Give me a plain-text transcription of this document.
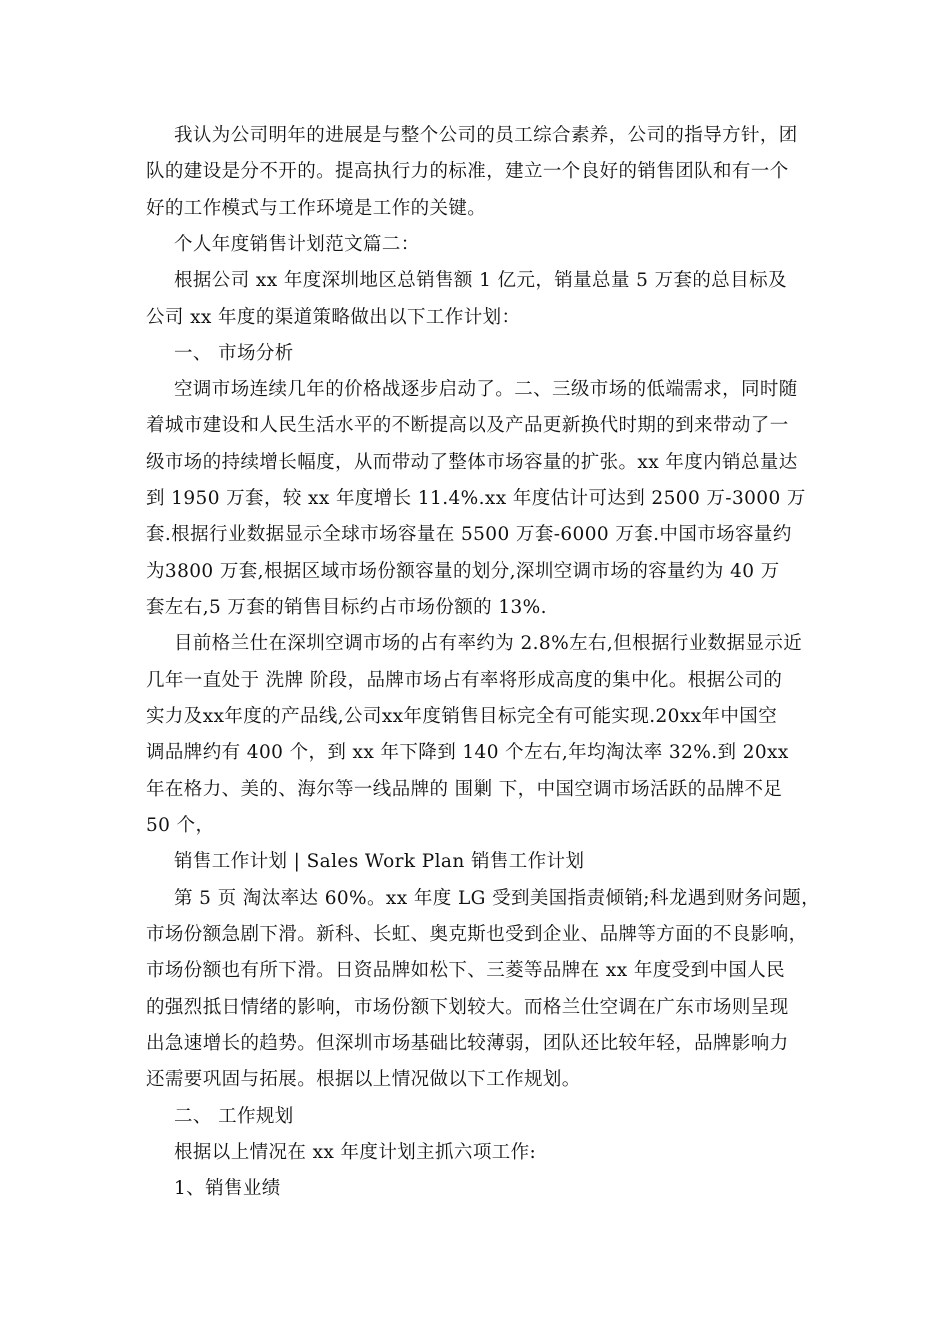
我认为公司明年的进展是与整个公司的员工综合素养，公司的指导方针，团
队的建设是分不开的。提高执行力的标准，建立一个良好的销售团队和有一个
好的工作模式与工作环境是工作的关键。
个人年度销售计划范文篇二：
根据公司 xx 年度深圳地区总销售额 1 亿元，销量总量 5 万套的总目标及
公司 xx 年度的渠道策略做出以下工作计划：
一、 市场分析
空调市场连续几年的价格战逐步启动了。二、三级市场的低端需求，同时随
着城市建设和人民生活水平的不断提高以及产品更新换代时期的到来带动了一
级市场的持续增长幅度，从而带动了整体市场容量的扩张。xx 年度内销总量达
到 1950 万套，较 xx 年度增长 11.4%.xx 年度估计可达到 2500 万-3000 万
套.根据行业数据显示全球市场容量在 5500 万套-6000 万套.中国市场容量约
为3800 万套,根据区域市场份额容量的划分,深圳空调市场的容量约为 40 万
套左右,5 万套的销售目标约占市场份额的 13%.
目前格兰仕在深圳空调市场的占有率约为 2.8%左右,但根据行业数据显示近
几年一直处于 洗牌 阶段，品牌市场占有率将形成高度的集中化。根据公司的
实力及xx年度的产品线,公司xx年度销售目标完全有可能实现.20xx年中国空
调品牌约有 400 个，到 xx 年下降到 140 个左右,年均淘汰率 32%.到 20xx
年在格力、美的、海尔等一线品牌的 围剿 下，中国空调市场活跃的品牌不足
50 个，
销售工作计划 | Sales Work Plan 销售工作计划
第 5 页 淘汰率达 60%。xx 年度 LG 受到美国指责倾销;科龙遇到财务问题，
市场份额急剧下滑。新科、长虹、奥克斯也受到企业、品牌等方面的不良影响，
市场份额也有所下滑。日资品牌如松下、三菱等品牌在 xx 年度受到中国人民
的强烈抵日情绪的影响，市场份额下划较大。而格兰仕空调在广东市场则呈现
出急速增长的趋势。但深圳市场基础比较薄弱，团队还比较年轻，品牌影响力
还需要巩固与拓展。根据以上情况做以下工作规划。
二、 工作规划
根据以上情况在 xx 年度计划主抓六项工作:
1、销售业绩
